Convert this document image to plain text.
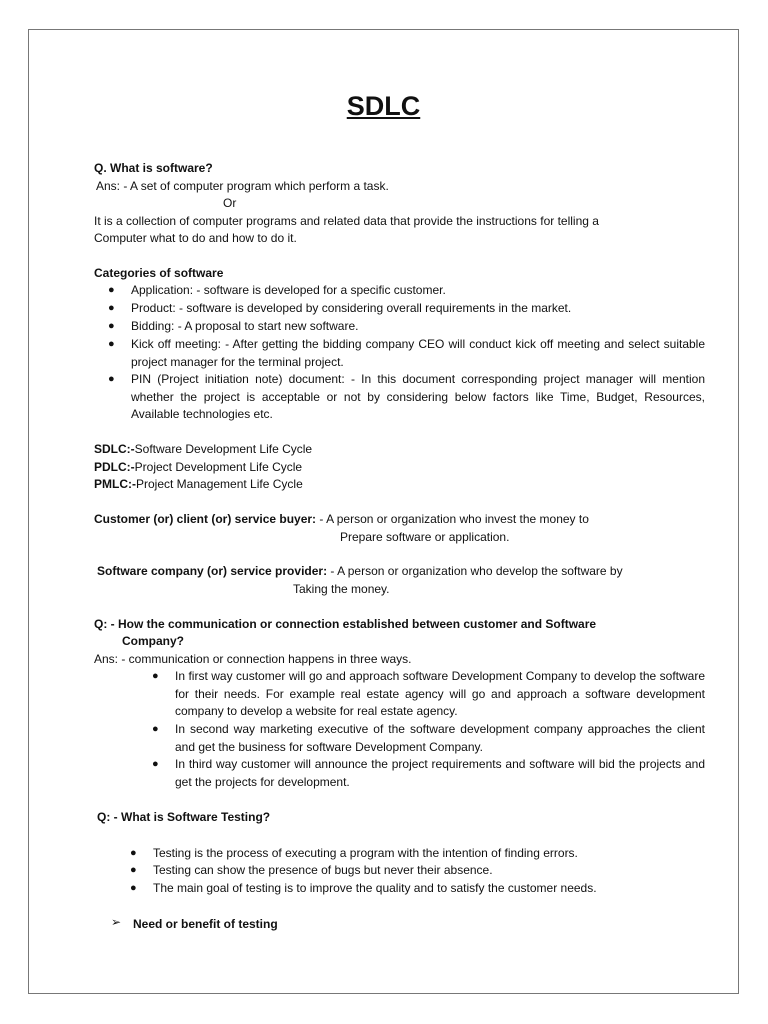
SDLC

Q. What is software?

Ans: - A set of computer program which perform a task.

Or

It is a collection of computer programs and related data that provide the instructions for telling a

Computer what to do and how to do it.

Categories of software

● Application: - software is developed for a specific customer.
● Product: - software is developed by considering overall requirements in the market.
● Bidding: - A proposal to start new software.
● Kick off meeting: - After getting the bidding company CEO will conduct kick off meeting and select suitable project manager for the terminal project.
● PIN (Project initiation note) document: - In this document corresponding project manager will mention whether the project is acceptable or not by considering below factors like Time, Budget, Resources, Available technologies etc.

SDLC:-Software Development Life Cycle

PDLC:-Project Development Life Cycle

PMLC:-Project Management Life Cycle

Customer (or) client (or) service buyer: - A person or organization who invest the money to

Prepare software or application.

Software company (or) service provider: - A person or organization who develop the software by

Taking the money.

Q: - How the communication or connection established between customer and Software

Company?

Ans: - communication or connection happens in three ways.

● In first way customer will go and approach software Development Company to develop the software for their needs. For example real estate agency will go and approach a software development company to develop a website for real estate agency.
● In second way marketing executive of the software development company approaches the client and get the business for software Development Company.
● In third way customer will announce the project requirements and software will bid the projects and get the projects for development.

Q: - What is Software Testing?

● Testing is the process of executing a program with the intention of finding errors.
● Testing can show the presence of bugs but never their absence.
● The main goal of testing is to improve the quality and to satisfy the customer needs.
➢ Need or benefit of testing
